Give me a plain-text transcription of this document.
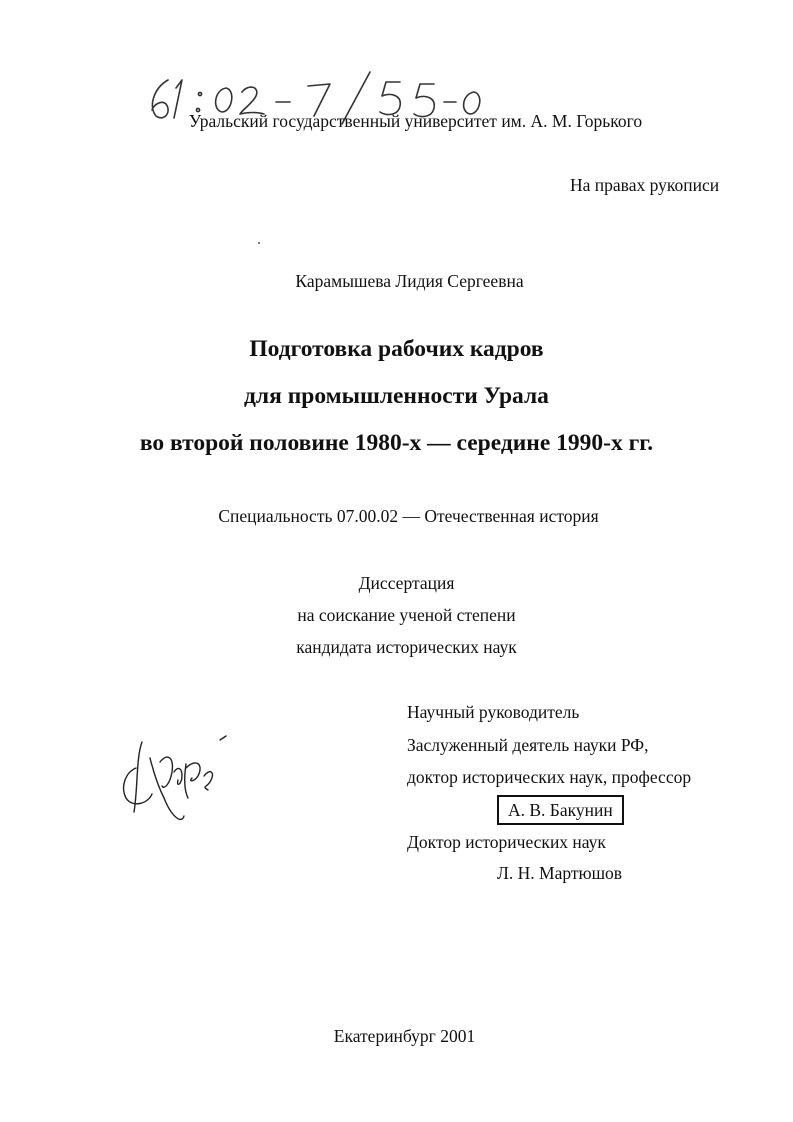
Уральский государственный университет им. А. М. Горького
На правах рукописи
Карамышева Лидия Сергеевна
Подготовка рабочих кадров
для промышленности Урала
во второй половине 1980-х — середине 1990-х гг.
Специальность 07.00.02 — Отечественная история
Диссертация
на соискание ученой степени
кандидата исторических наук
Научный руководитель
Заслуженный деятель науки РФ,
доктор исторических наук, профессор
А. В. Бакунин
Доктор исторических наук
Л. Н. Мартюшов
Екатеринбург 2001
